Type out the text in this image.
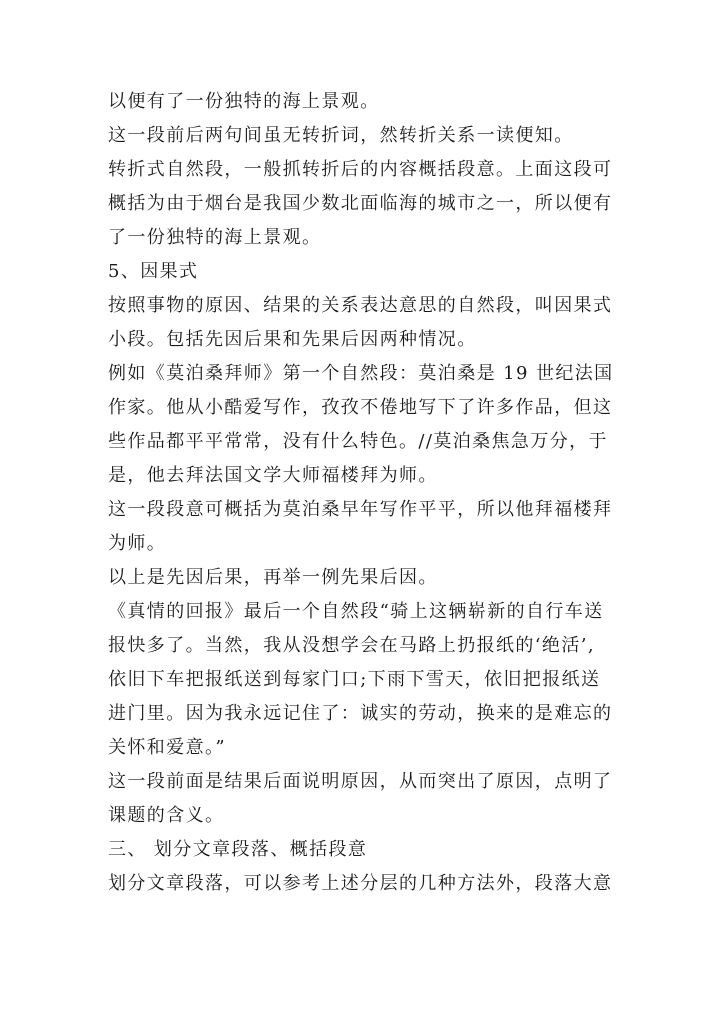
以便有了一份独特的海上景观。
这一段前后两句间虽无转折词，然转折关系一读便知。
转折式自然段，一般抓转折后的内容概括段意。上面这段可
概括为由于烟台是我国少数北面临海的城市之一，所以便有
了一份独特的海上景观。
5、因果式
按照事物的原因、结果的关系表达意思的自然段，叫因果式
小段。包括先因后果和先果后因两种情况。
例如《莫泊桑拜师》第一个自然段：莫泊桑是 19 世纪法国
作家。他从小酷爱写作，孜孜不倦地写下了许多作品，但这
些作品都平平常常，没有什么特色。//莫泊桑焦急万分，于
是，他去拜法国文学大师福楼拜为师。
这一段段意可概括为莫泊桑早年写作平平，所以他拜福楼拜
为师。
以上是先因后果，再举一例先果后因。
《真情的回报》最后一个自然段“骑上这辆崭新的自行车送
报快多了。当然，我从没想学会在马路上扔报纸的‘绝活’,
依旧下车把报纸送到每家门口;下雨下雪天，依旧把报纸送
进门里。因为我永远记住了：诚实的劳动，换来的是难忘的
关怀和爱意。”
这一段前面是结果后面说明原因，从而突出了原因，点明了
课题的含义。
三、 划分文章段落、概括段意
划分文章段落，可以参考上述分层的几种方法外，段落大意
